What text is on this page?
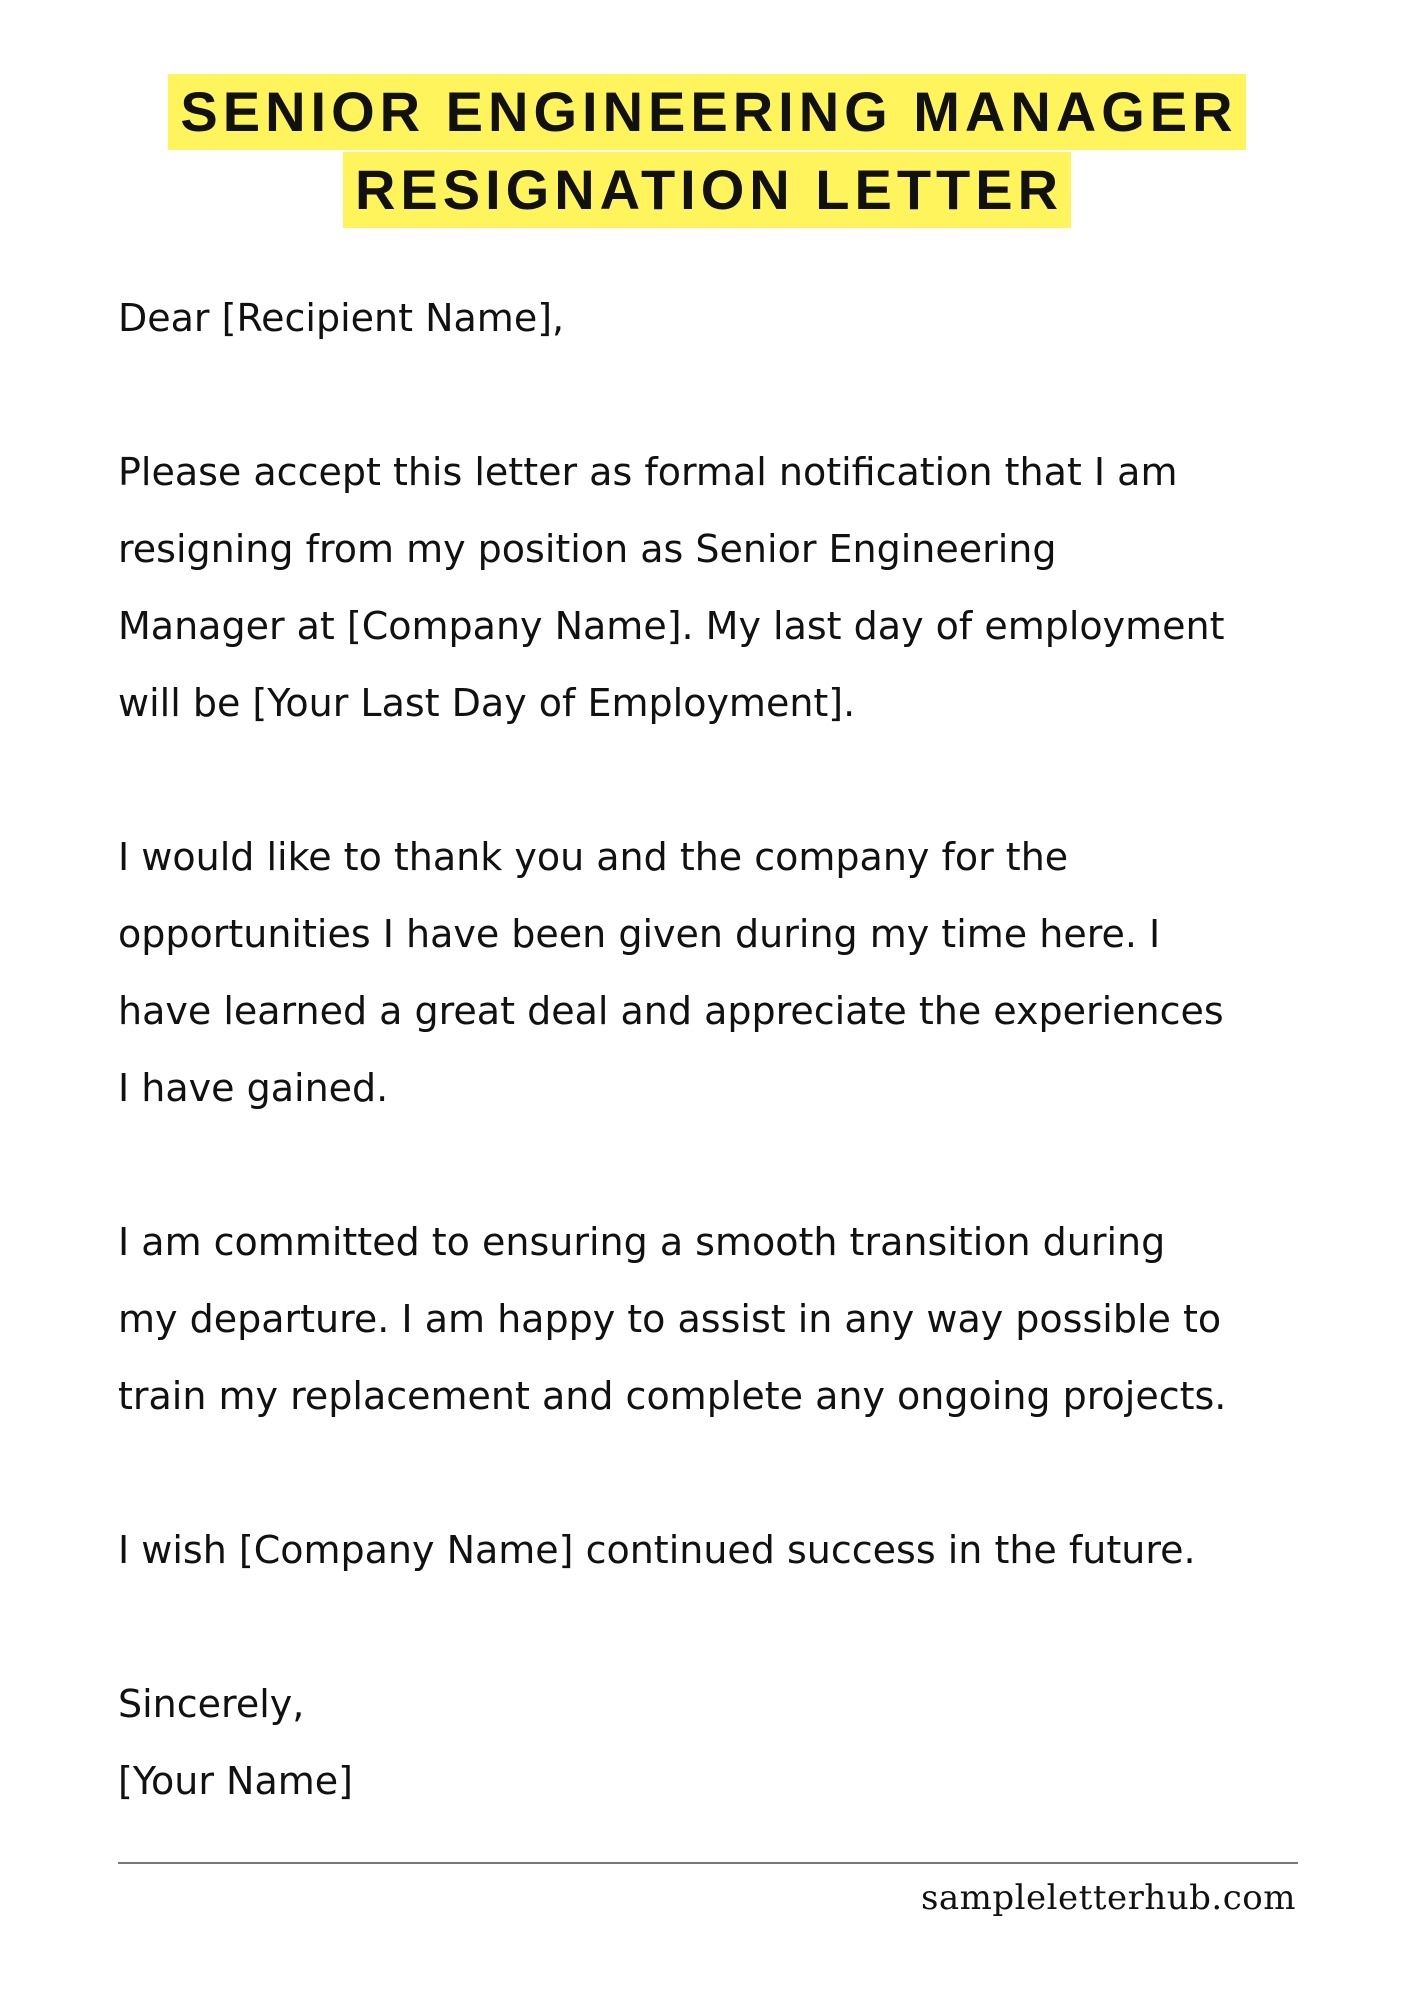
SENIOR ENGINEERING MANAGER
RESIGNATION LETTER

Dear [Recipient Name],

Please accept this letter as formal notification that I am

resigning from my position as Senior Engineering

Manager at [Company Name]. My last day of employment

will be [Your Last Day of Employment].

I would like to thank you and the company for the

opportunities I have been given during my time here. I

have learned a great deal and appreciate the experiences

I have gained.

I am committed to ensuring a smooth transition during

my departure. I am happy to assist in any way possible to

train my replacement and complete any ongoing projects.

I wish [Company Name] continued success in the future.

Sincerely,

[Your Name]

sampleletterhub.com
